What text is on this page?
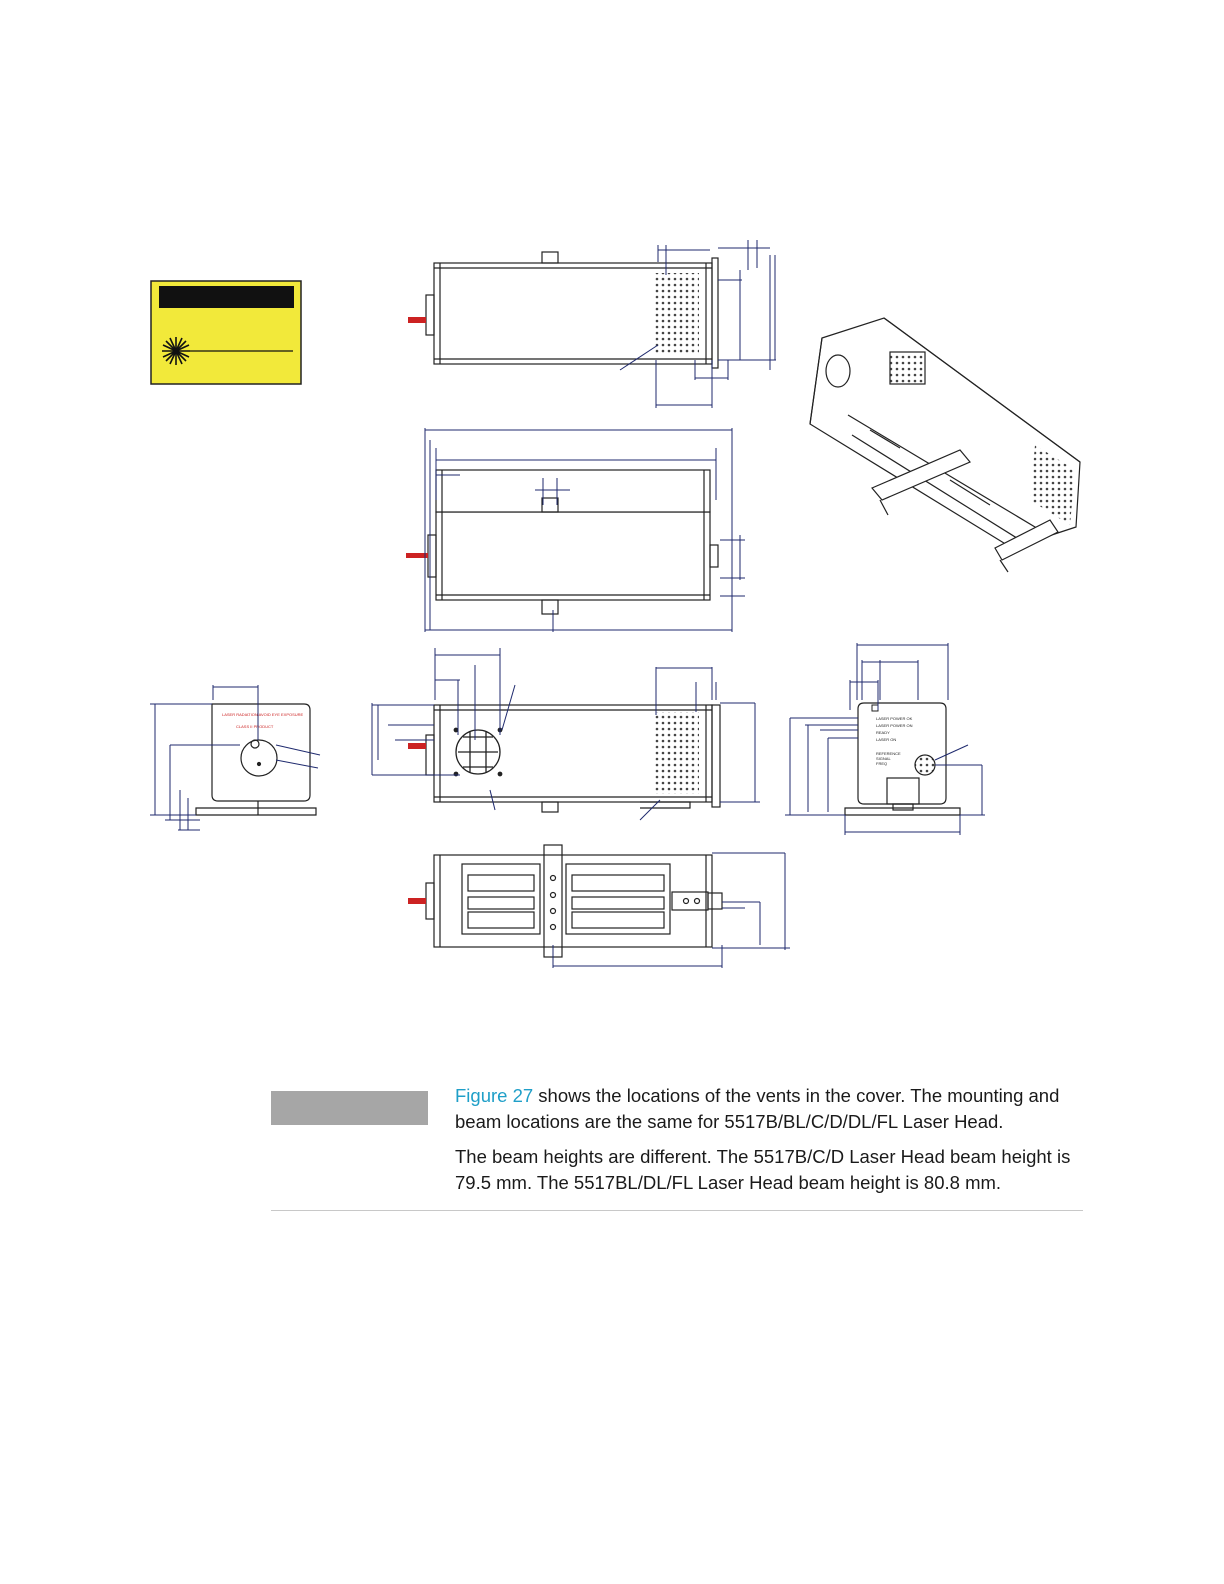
LASER RADIATION AVOID EYE EXPOSURE
CLASS II PRODUCT
LASER POWER OK
LASER POWER ON
READY
LASER ON
REFERENCE
SIGNAL
FREQ

Figure 27 shows the locations of the vents in the cover. The mounting and beam locations are the same for 5517B/BL/C/D/DL/FL Laser Head.

The beam heights are different. The 5517B/C/D Laser Head beam height is 79.5 mm. The 5517BL/DL/FL Laser Head beam height is 80.8 mm.
